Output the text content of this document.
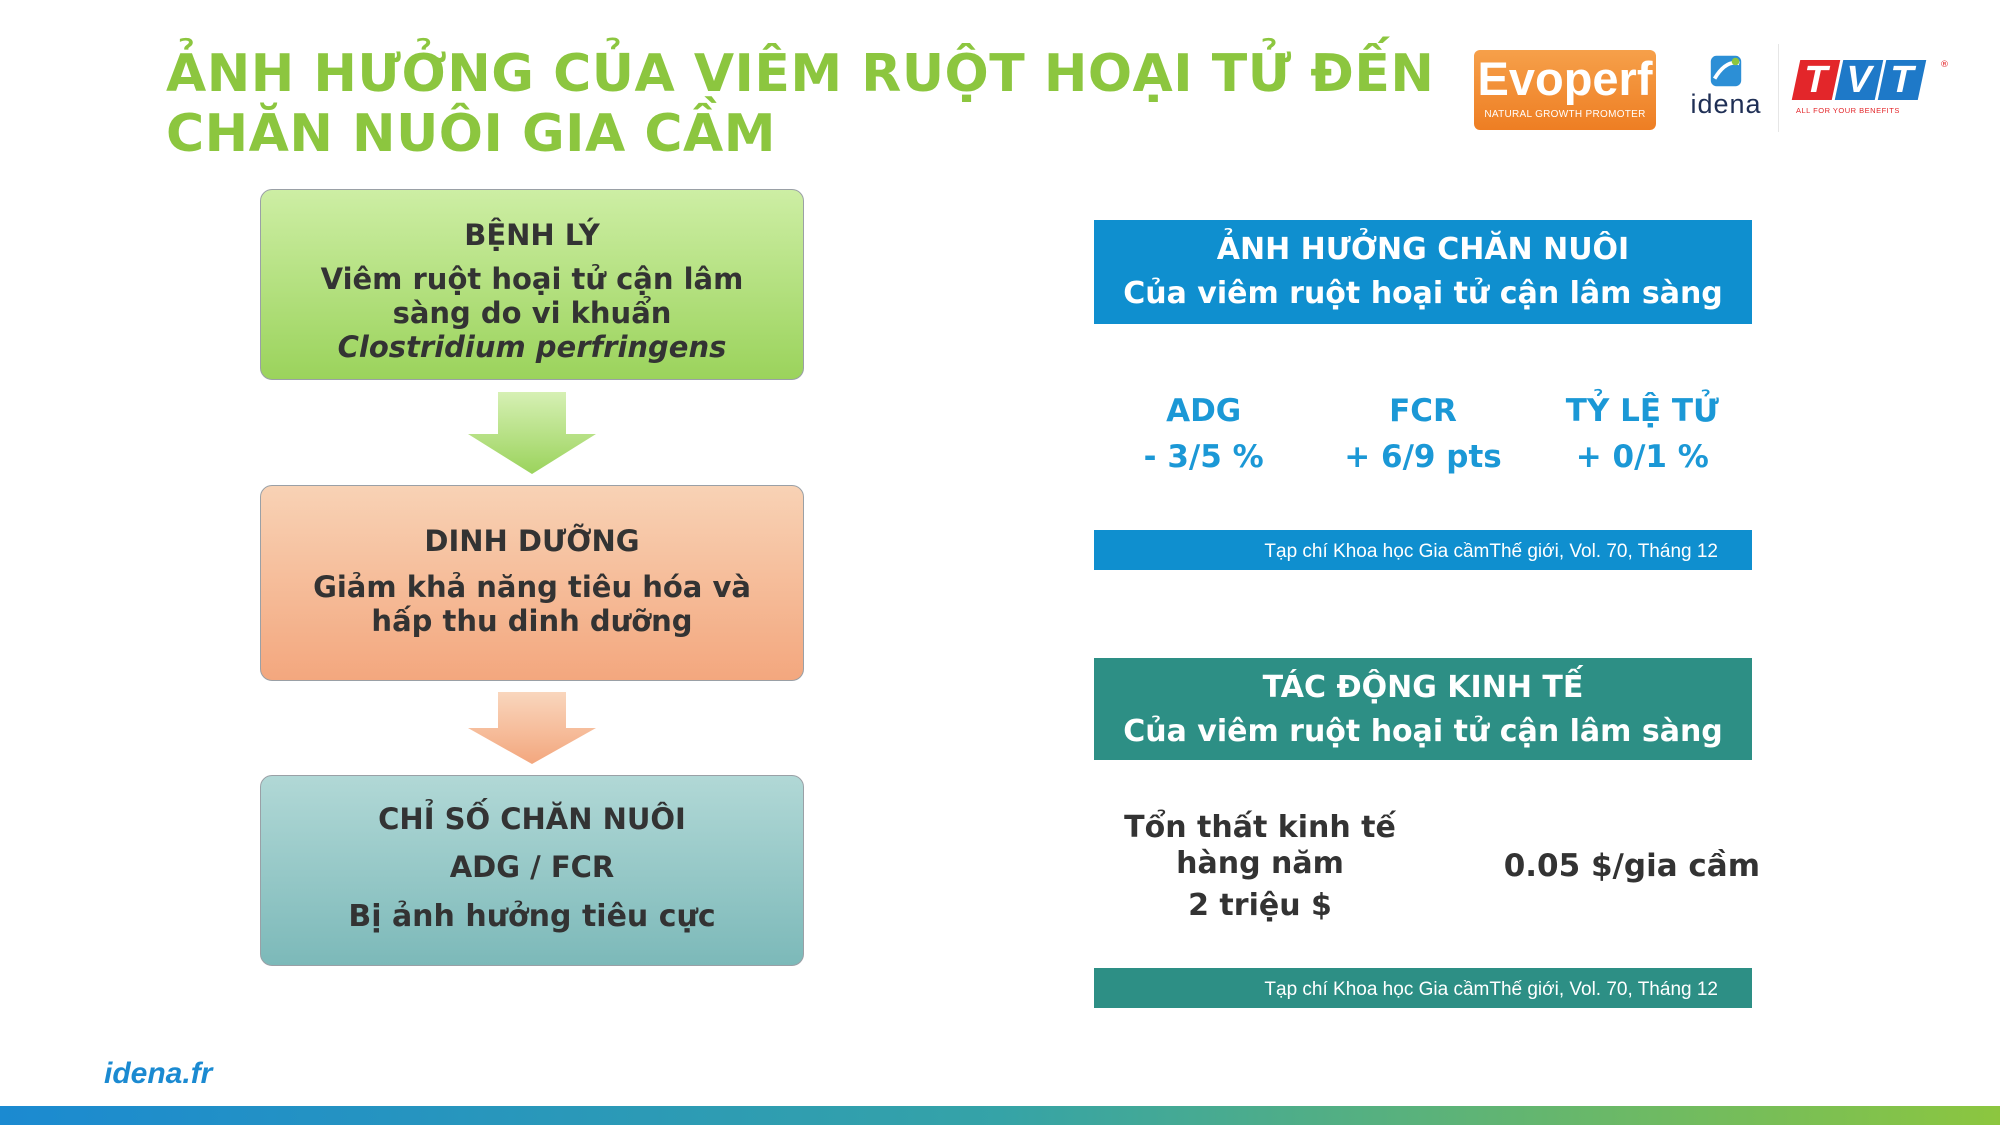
ẢNH HƯỞNG CỦA VIÊM RUỘT HOẠI TỬ ĐẾN
CHĂN NUÔI GIA CẦM
Evoperf
NATURAL GROWTH PROMOTER	idena
T V T	®
ALL FOR YOUR BENEFITS
BỆNH LÝ
Viêm ruột hoại tử cận lâm
sàng do vi khuẩn
Clostridium perfringens
DINH DƯỠNG
Giảm khả năng tiêu hóa và
hấp thu dinh dưỡng
CHỈ SỐ CHĂN NUÔI
ADG / FCR
Bị ảnh hưởng tiêu cực
ẢNH HƯỞNG CHĂN NUÔI
Của viêm ruột hoại tử cận lâm sàng
ADG
- 3/5 %
FCR
+ 6/9 pts
TỶ LỆ TỬ
+ 0/1 %
Tạp chí Khoa học Gia cầmThế giới, Vol. 70, Tháng 12
TÁC ĐỘNG KINH TẾ
Của viêm ruột hoại tử cận lâm sàng
Tổn thất kinh tế
hàng năm
2 triệu $
0.05 $/gia cầm
Tạp chí Khoa học Gia cầmThế giới, Vol. 70, Tháng 12
idena.fr
